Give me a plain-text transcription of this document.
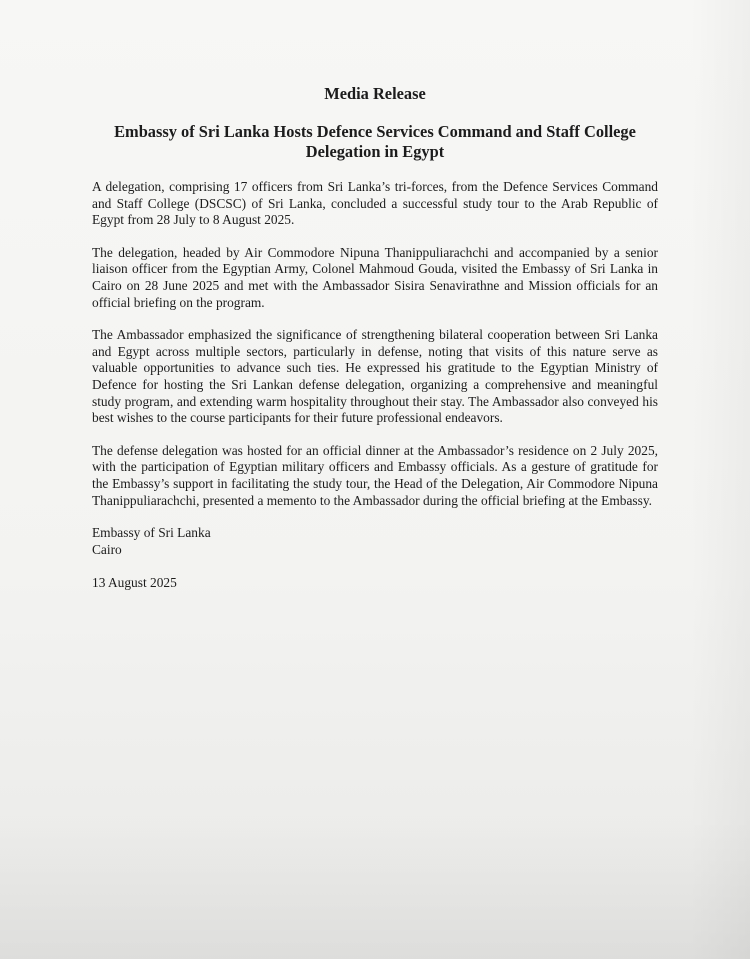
Media Release
Embassy of Sri Lanka Hosts Defence Services Command and Staff College Delegation in Egypt

A delegation, comprising 17 officers from Sri Lanka’s tri-forces, from the Defence Services Command and Staff College (DSCSC) of Sri Lanka, concluded a successful study tour to the Arab Republic of Egypt from 28 July to 8 August 2025.

The delegation, headed by Air Commodore Nipuna Thanippuliarachchi and accompanied by a senior liaison officer from the Egyptian Army, Colonel Mahmoud Gouda, visited the Embassy of Sri Lanka in Cairo on 28 June 2025 and met with the Ambassador Sisira Senavirathne and Mission officials for an official briefing on the program.

The Ambassador emphasized the significance of strengthening bilateral cooperation between Sri Lanka and Egypt across multiple sectors, particularly in defense, noting that visits of this nature serve as valuable opportunities to advance such ties. He expressed his gratitude to the Egyptian Ministry of Defence for hosting the Sri Lankan defense delegation, organizing a comprehensive and meaningful study program, and extending warm hospitality throughout their stay. The Ambassador also conveyed his best wishes to the course participants for their future professional endeavors.

The defense delegation was hosted for an official dinner at the Ambassador’s residence on 2 July 2025, with the participation of Egyptian military officers and Embassy officials. As a gesture of gratitude for the Embassy’s support in facilitating the study tour, the Head of the Delegation, Air Commodore Nipuna Thanippuliarachchi, presented a memento to the Ambassador during the official briefing at the Embassy.

Embassy of Sri Lanka

Cairo

13 August 2025
